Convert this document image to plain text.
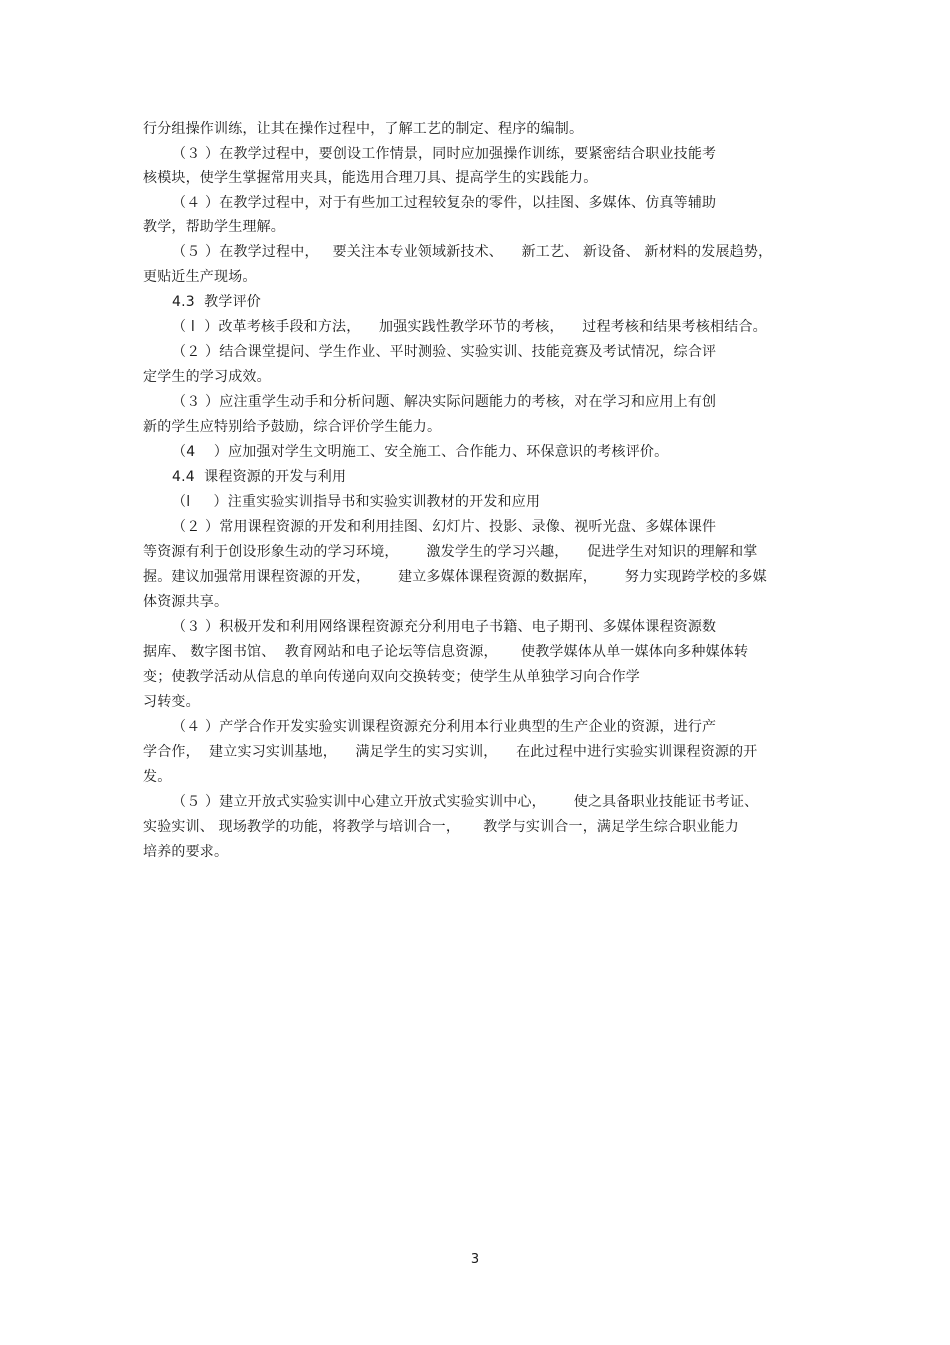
行分组操作训练，让其在操作过程中，了解工艺的制定、程序的编制。
（３ ）在教学过程中，要创设工作情景，同时应加强操作训练，要紧密结合职业技能考
核模块，使学生掌握常用夹具，能选用合理刀具、提高学生的实践能力。
（４ ）在教学过程中，对于有些加工过程较复杂的零件，以挂图、多媒体、仿真等辅助
教学，帮助学生理解。
（５ ）在教学过程中，   要关注本专业领域新技术、    新工艺、 新设备、 新材料的发展趋势，
更贴近生产现场。
4.3  教学评价
（ l  ）改革考核手段和方法，    加强实践性教学环节的考核，    过程考核和结果考核相结合。
（２ ）结合课堂提问、学生作业、平时测验、实验实训、技能竞赛及考试情况，综合评
定学生的学习成效。
（３ ）应注重学生动手和分析问题、解决实际问题能力的考核，对在学习和应用上有创
新的学生应特别给予鼓励，综合评价学生能力。
（4    ）应加强对学生文明施工、安全施工、合作能力、环保意识的考核评价。
4.4  课程资源的开发与利用
（l     ）注重实验实训指导书和实验实训教材的开发和应用
（２ ）常用课程资源的开发和利用挂图、幻灯片、投影、录像、视听光盘、多媒体课件
等资源有利于创设形象生动的学习环境，      激发学生的学习兴趣，    促进学生对知识的理解和掌
握。建议加强常用课程资源的开发，      建立多媒体课程资源的数据库，      努力实现跨学校的多媒
体资源共享。
（３ ）积极开发和利用网络课程资源充分利用电子书籍、电子期刊、多媒体课程资源数
据库、 数字图书馆、  教育网站和电子论坛等信息资源，     使教学媒体从单一媒体向多种媒体转
变；使教学活动从信息的单向传递向双向交换转变；使学生从单独学习向合作学
习转变。
（４ ）产学合作开发实验实训课程资源充分利用本行业典型的生产企业的资源，进行产
学合作，  建立实习实训基地，    满足学生的实习实训，    在此过程中进行实验实训课程资源的开
发。
（５ ）建立开放式实验实训中心建立开放式实验实训中心，      使之具备职业技能证书考证、
实验实训、 现场教学的功能，将教学与培训合一，     教学与实训合一，满足学生综合职业能力
培养的要求。
3
